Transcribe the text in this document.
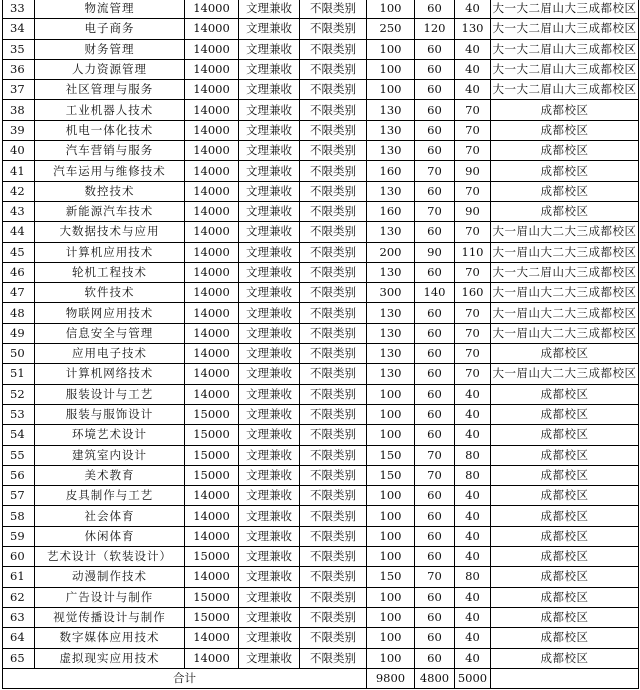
33	物流管理	14000	文理兼收	不限类别	100	60	40	大一大二眉山大三成都校区
34	电子商务	14000	文理兼收	不限类别	250	120	130	大一大二眉山大三成都校区
35	财务管理	14000	文理兼收	不限类别	100	60	40	大一大二眉山大三成都校区
36	人力资源管理	14000	文理兼收	不限类别	100	60	40	大一大二眉山大三成都校区
37	社区管理与服务	14000	文理兼收	不限类别	100	60	40	大一大二眉山大三成都校区
38	工业机器人技术	14000	文理兼收	不限类别	130	60	70	成都校区
39	机电一体化技术	14000	文理兼收	不限类别	130	60	70	成都校区
40	汽车营销与服务	14000	文理兼收	不限类别	130	60	70	成都校区
41	汽车运用与维修技术	14000	文理兼收	不限类别	160	70	90	成都校区
42	数控技术	14000	文理兼收	不限类别	130	60	70	成都校区
43	新能源汽车技术	14000	文理兼收	不限类别	160	70	90	成都校区
44	大数据技术与应用	14000	文理兼收	不限类别	130	60	70	大一眉山大二大三成都校区
45	计算机应用技术	14000	文理兼收	不限类别	200	90	110	大一眉山大二大三成都校区
46	轮机工程技术	14000	文理兼收	不限类别	130	60	70	大一大二眉山大三成都校区
47	软件技术	14000	文理兼收	不限类别	300	140	160	大一眉山大二大三成都校区
48	物联网应用技术	14000	文理兼收	不限类别	130	60	70	大一眉山大二大三成都校区
49	信息安全与管理	14000	文理兼收	不限类别	130	60	70	大一眉山大二大三成都校区
50	应用电子技术	14000	文理兼收	不限类别	130	60	70	成都校区
51	计算机网络技术	14000	文理兼收	不限类别	130	60	70	大一眉山大二大三成都校区
52	服装设计与工艺	14000	文理兼收	不限类别	100	60	40	成都校区
53	服装与服饰设计	15000	文理兼收	不限类别	100	60	40	成都校区
54	环境艺术设计	15000	文理兼收	不限类别	100	60	40	成都校区
55	建筑室内设计	15000	文理兼收	不限类别	150	70	80	成都校区
56	美术教育	15000	文理兼收	不限类别	150	70	80	成都校区
57	皮具制作与工艺	14000	文理兼收	不限类别	100	60	40	成都校区
58	社会体育	14000	文理兼收	不限类别	100	60	40	成都校区
59	休闲体育	14000	文理兼收	不限类别	100	60	40	成都校区
60	艺术设计（软装设计）	15000	文理兼收	不限类别	100	60	40	成都校区
61	动漫制作技术	14000	文理兼收	不限类别	150	70	80	成都校区
62	广告设计与制作	15000	文理兼收	不限类别	100	60	40	成都校区
63	视觉传播设计与制作	15000	文理兼收	不限类别	100	60	40	成都校区
64	数字媒体应用技术	14000	文理兼收	不限类别	100	60	40	成都校区
65	虚拟现实应用技术	14000	文理兼收	不限类别	100	60	40	成都校区
合计					9800	4800	5000	
